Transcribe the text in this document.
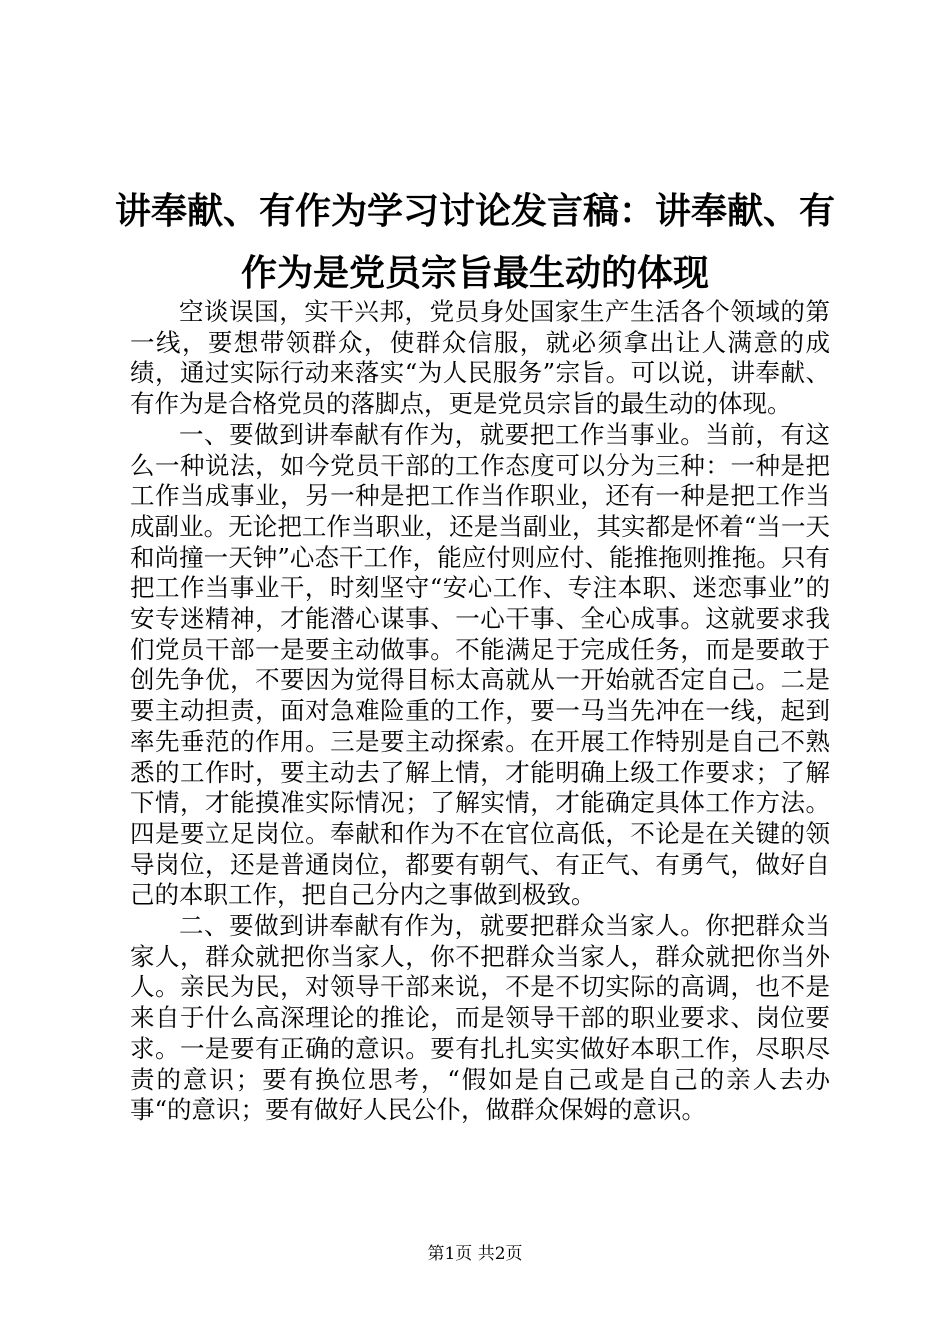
讲奉献、有作为学习讨论发言稿：讲奉献、有
作为是党员宗旨最生动的体现

空谈误国，实干兴邦，党员身处国家生产生活各个领域的第一线，要想带领群众，使群众信服，就必须拿出让人满意的成绩，通过实际行动来落实“为人民服务”宗旨。可以说，讲奉献、有作为是合格党员的落脚点，更是党员宗旨的最生动的体现。

一、要做到讲奉献有作为，就要把工作当事业。当前，有这么一种说法，如今党员干部的工作态度可以分为三种：一种是把工作当成事业，另一种是把工作当作职业，还有一种是把工作当成副业。无论把工作当职业，还是当副业，其实都是怀着“当一天和尚撞一天钟”心态干工作，能应付则应付、能推拖则推拖。只有把工作当事业干，时刻坚守“安心工作、专注本职、迷恋事业”的安专迷精神，才能潜心谋事、一心干事、全心成事。这就要求我们党员干部一是要主动做事。不能满足于完成任务，而是要敢于创先争优，不要因为觉得目标太高就从一开始就否定自己。二是要主动担责，面对急难险重的工作，要一马当先冲在一线，起到率先垂范的作用。三是要主动探索。在开展工作特别是自己不熟悉的工作时，要主动去了解上情，才能明确上级工作要求；了解下情，才能摸准实际情况；了解实情，才能确定具体工作方法。四是要立足岗位。奉献和作为不在官位高低，不论是在关键的领导岗位，还是普通岗位，都要有朝气、有正气、有勇气，做好自己的本职工作，把自己分内之事做到极致。

二、要做到讲奉献有作为，就要把群众当家人。你把群众当家人，群众就把你当家人，你不把群众当家人，群众就把你当外人。亲民为民，对领导干部来说，不是不切实际的高调，也不是来自于什么高深理论的推论，而是领导干部的职业要求、岗位要求。一是要有正确的意识。要有扎扎实实做好本职工作，尽职尽责的意识；要有换位思考，“假如是自己或是自己的亲人去办事“的意识；要有做好人民公仆，做群众保姆的意识。

第1页 共2页
